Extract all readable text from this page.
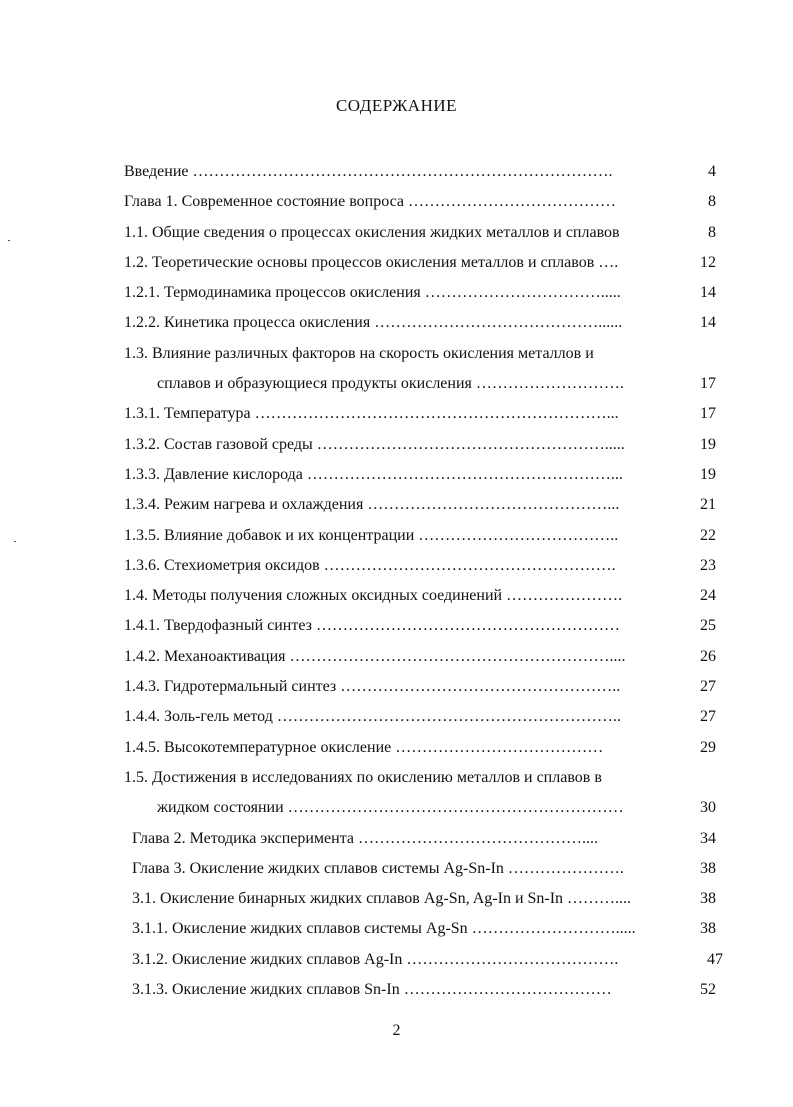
СОДЕРЖАНИЕ
Введение …………………………………………………………………….	4
Глава 1. Современное состояние вопроса …………………………………	8
1.1. Общие сведения о процессах окисления жидких металлов и сплавов	8
1.2. Теоретические основы процессов окисления металлов и сплавов ….	12
1.2.1. Термодинамика процессов окисления …………………………….....	14
1.2.2. Кинетика процесса окисления ……………………………………......	14
1.3. Влияние различных факторов на скорость окисления металлов и
сплавов и образующиеся продукты окисления ……………………….	17
1.3.1. Температура …………………………………………………………...	17
1.3.2. Состав газовой среды ……………………………………………….....	19
1.3.3. Давление кислорода …………………………………………………...	19
1.3.4. Режим нагрева и охлаждения ………………………………………...	21
1.3.5. Влияние добавок и их концентрации ………………………………..	22
1.3.6. Стехиометрия оксидов ……………………………………………….	23
1.4. Методы получения сложных оксидных соединений ………………….	24
1.4.1. Твердофазный синтез …………………………………………………	25
1.4.2. Механоактивация ……………………………………………………....	26
1.4.3. Гидротермальный синтез ……………………………………………..	27
1.4.4. Золь-гель метод ………………………………………………………..	27
1.4.5. Высокотемпературное окисление …………………………………	29
1.5. Достижения в исследованиях по окислению металлов и сплавов в
жидком состоянии ………………………………………………………	30
Глава 2. Методика эксперимента ……………………………………....	34
Глава 3. Окисление жидких сплавов системы Ag-Sn-In ………………….	38
3.1. Окисление бинарных жидких сплавов Ag-Sn, Ag-In и Sn-In ………....	38
3.1.1. Окисление жидких сплавов системы Ag-Sn ……………………….....	38
3.1.2. Окисление жидких сплавов Ag-In ………………………………….	47
3.1.3. Окисление жидких сплавов Sn-In …………………………………	52
2
